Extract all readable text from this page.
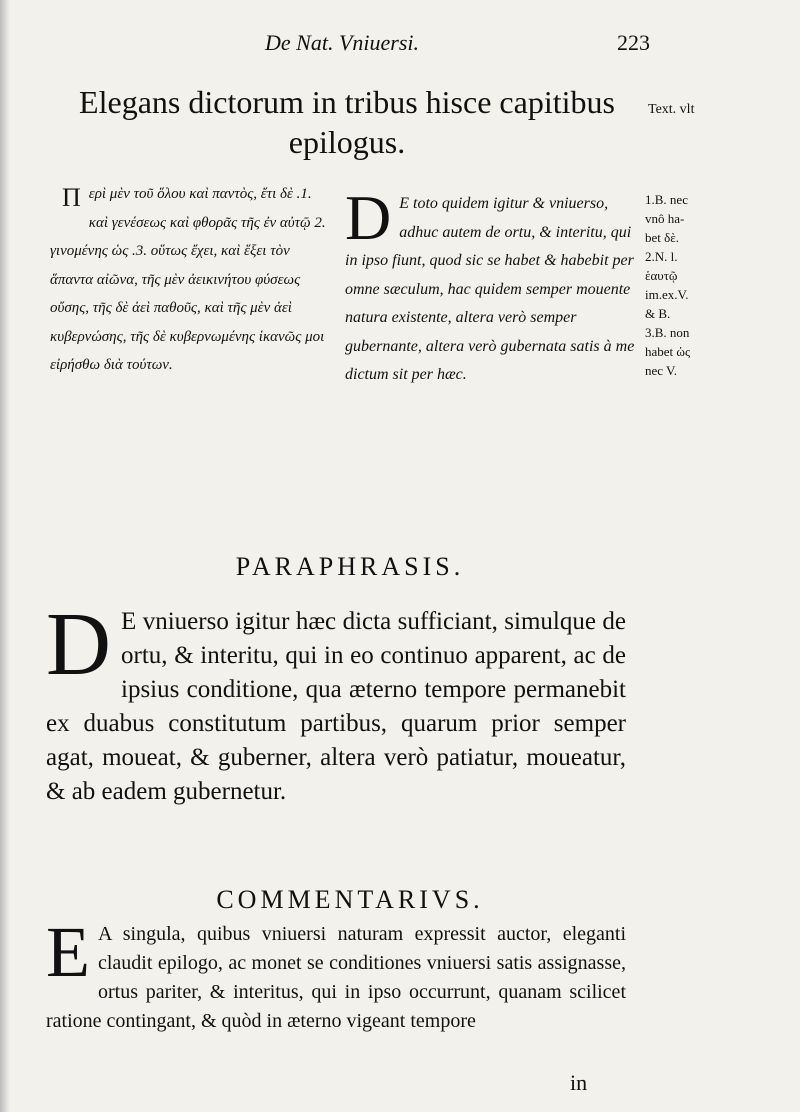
De Nat. Vniuersi.	223
Elegans dictorum in tribus hisce capitibus epilogus.
Text. vlt
Π ερὶ μὲν τοῦ ὅλου καὶ παντὸς, ἔτι δὲ .1. καὶ γενέσεως καὶ φθορᾶς τῆς ἐν αὐτῷ 2. γινομένης ὡς .3. οὕτως ἔχει, καὶ ἕξει τὸν ἅπαντα αἰῶνα, τῆς μὲν ἀεικινήτου φύσεως οὔσης, τῆς δὲ ἀεὶ παθοῦς, καὶ τῆς μὲν ἀεὶ κυβερνώσης, τῆς δὲ κυβερνωμένης ἱκανῶς μοι εἰρήσθω διὰ τούτων.
D E toto quidem igitur & vniuerso, adhuc autem de ortu, & interitu, qui in ipso fiunt, quod sic se habet & habebit per omne sæculum, hac quidem semper mouente natura existente, altera verò semper gubernante, altera verò gubernata satis à me dictum sit per hæc.
1.B. nec
vnô ha-
bet δὲ.
2.N. l.
ἑαυτῷ
im.ex.V.
& B.
3.B. non
habet ὡς
nec V.
PARAPHRASIS.
D E vniuerso igitur hæc dicta sufficiant, simulque de ortu, & interitu, qui in eo continuo apparent, ac de ipsius conditione, qua æterno tempore permanebit ex duabus constitutum partibus, quarum prior semper agat, moueat, & guberner, altera verò patiatur, moueatur, & ab eadem gubernetur.
COMMENTARIVS.
E A singula, quibus vniuersi naturam expressit auctor, eleganti claudit epilogo, ac monet se conditiones vniuersi satis assignasse, ortus pariter, & interitus, qui in ipso occurrunt, quanam scilicet ratione contingant, & quòd in æterno vigeant tempore
in
